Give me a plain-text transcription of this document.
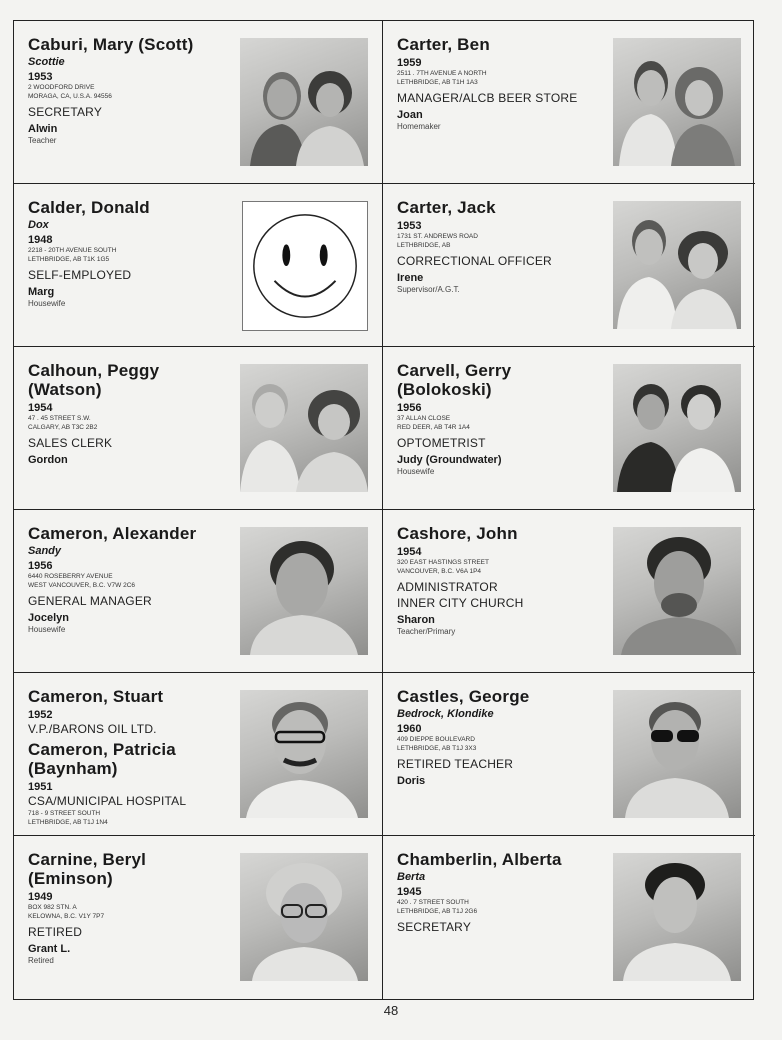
Caburi, Mary (Scott)
Scottie
1953
2 WOODFORD DRIVE
MORAGA, CA, U.S.A. 94556
SECRETARY
Alwin
Teacher
Carter, Ben
1959
2511 . 7TH AVENUE A NORTH
LETHBRIDGE, AB T1H 1A3
MANAGER/ALCB BEER STORE
Joan
Homemaker
Calder, Donald
Dox
1948
2218 - 20TH AVENUE SOUTH
LETHBRIDGE, AB T1K 1G5
SELF-EMPLOYED
Marg
Housewife
Carter, Jack
1953
1731 ST. ANDREWS ROAD
LETHBRIDGE, AB
CORRECTIONAL OFFICER
Irene
Supervisor/A.G.T.
Calhoun, Peggy (Watson)
1954
47 . 45 STREET S.W.
CALGARY, AB T3C 2B2
SALES CLERK
Gordon
Carvell, Gerry (Bolokoski)
1956
37 ALLAN CLOSE
RED DEER, AB T4R 1A4
OPTOMETRIST
Judy (Groundwater)
Housewife
Cameron, Alexander
Sandy
1956
6440 ROSEBERRY AVENUE
WEST VANCOUVER, B.C. V7W 2C6
GENERAL MANAGER
Jocelyn
Housewife
Cashore, John
1954
320 EAST HASTINGS STREET
VANCOUVER, B.C. V6A 1P4
ADMINISTRATOR
INNER CITY CHURCH
Sharon
Teacher/Primary
Cameron, Stuart
1952
V.P./BARONS OIL LTD.
Cameron, Patricia (Baynham)
1951
CSA/MUNICIPAL HOSPITAL
718 - 9 STREET SOUTH
LETHBRIDGE, AB T1J 1N4
Castles, George
Bedrock, Klondike
1960
409 DIEPPE BOULEVARD
LETHBRIDGE, AB T1J 3X3
RETIRED TEACHER
Doris
Carnine, Beryl (Eminson)
1949
BOX 982 STN. A
KELOWNA, B.C. V1Y 7P7
RETIRED
Grant L.
Retired
Chamberlin, Alberta
Berta
1945
420 . 7 STREET SOUTH
LETHBRIDGE, AB T1J 2G6
SECRETARY
48
